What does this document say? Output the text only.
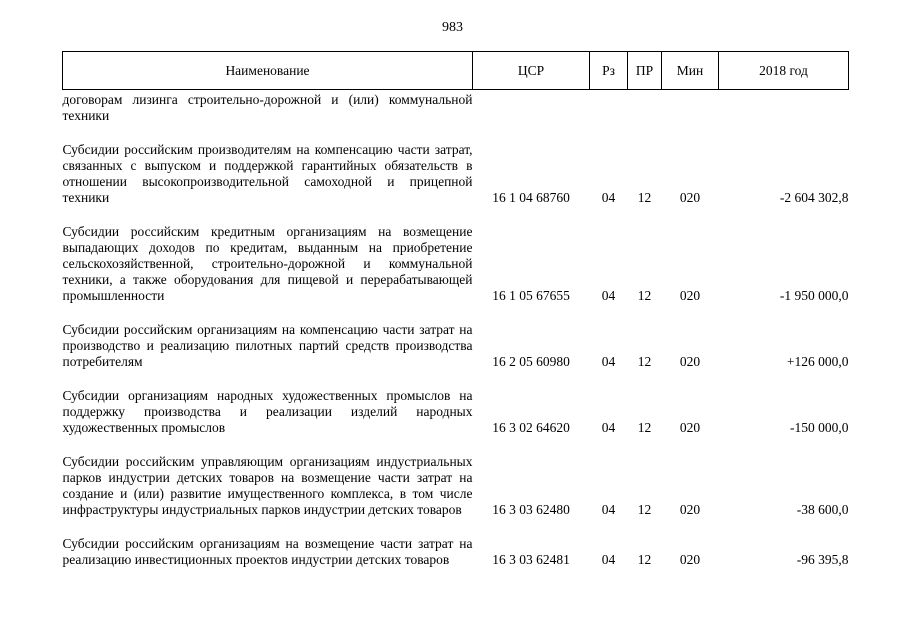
983
Наименование	ЦСР	Рз	ПР	Мин	2018 год
договорам лизинга строительно-дорожной и (или) коммунальной техники					
Субсидии российским производителям на компенсацию части затрат, связанных с выпуском и поддержкой гарантийных обязательств в отношении высокопроизводительной самоходной и прицепной техники	16 1 04 68760	04	12	020	-2 604 302,8
Субсидии российским кредитным организациям на возмещение выпадающих доходов по кредитам, выданным на приобретение сельскохозяйственной, строительно-дорожной и коммунальной техники, а также оборудования для пищевой и перерабатывающей промышленности	16 1 05 67655	04	12	020	-1 950 000,0
Субсидии российским организациям на компенсацию части затрат на производство и реализацию пилотных партий средств производства потребителям	16 2 05 60980	04	12	020	+126 000,0
Субсидии организациям народных художественных промыслов на поддержку производства и реализации изделий народных художественных промыслов	16 3 02 64620	04	12	020	-150 000,0
Субсидии российским управляющим организациям индустриальных парков индустрии детских товаров на возмещение части затрат на создание и (или) развитие имущественного комплекса, в том числе инфраструктуры индустриальных парков индустрии детских товаров	16 3 03 62480	04	12	020	-38 600,0
Субсидии российским организациям на возмещение части затрат на реализацию инвестиционных проектов индустрии детских товаров	16 3 03 62481	04	12	020	-96 395,8
